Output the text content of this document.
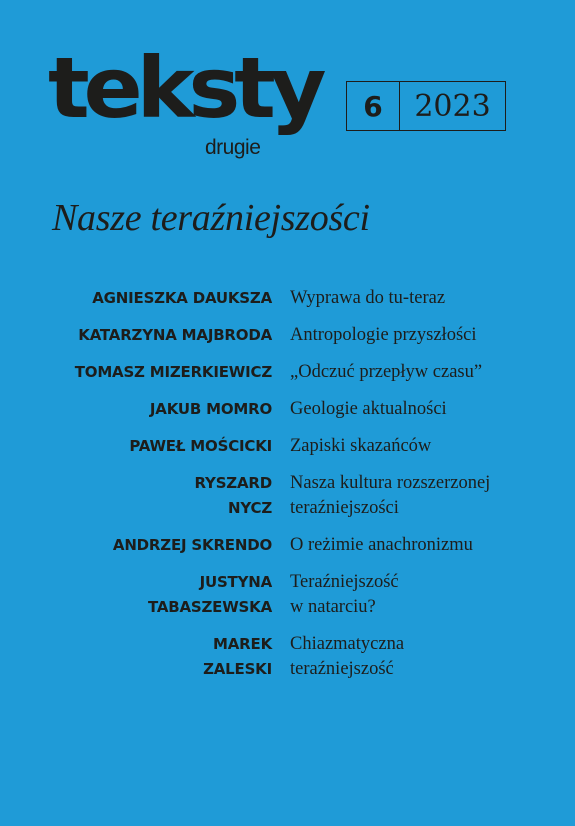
teksty
drugie
6	2023
Nasze teraźniejszości
AGNIESZKA DAUKSZA Wyprawa do tu-teraz
KATARZYNA MAJBRODA Antropologie przyszłości
TOMASZ MIZERKIEWICZ „Odczuć przepływ czasu”
JAKUB MOMRO Geologie aktualności
PAWEŁ MOŚCICKI Zapiski skazańców
RYSZARD
NYCZ
Nasza kultura rozszerzonej
teraźniejszości
ANDRZEJ SKRENDO O reżimie anachronizmu
JUSTYNA
TABASZEWSKA
Teraźniejszość
w natarciu?
MAREK
ZALESKI
Chiazmatyczna
teraźniejszość
